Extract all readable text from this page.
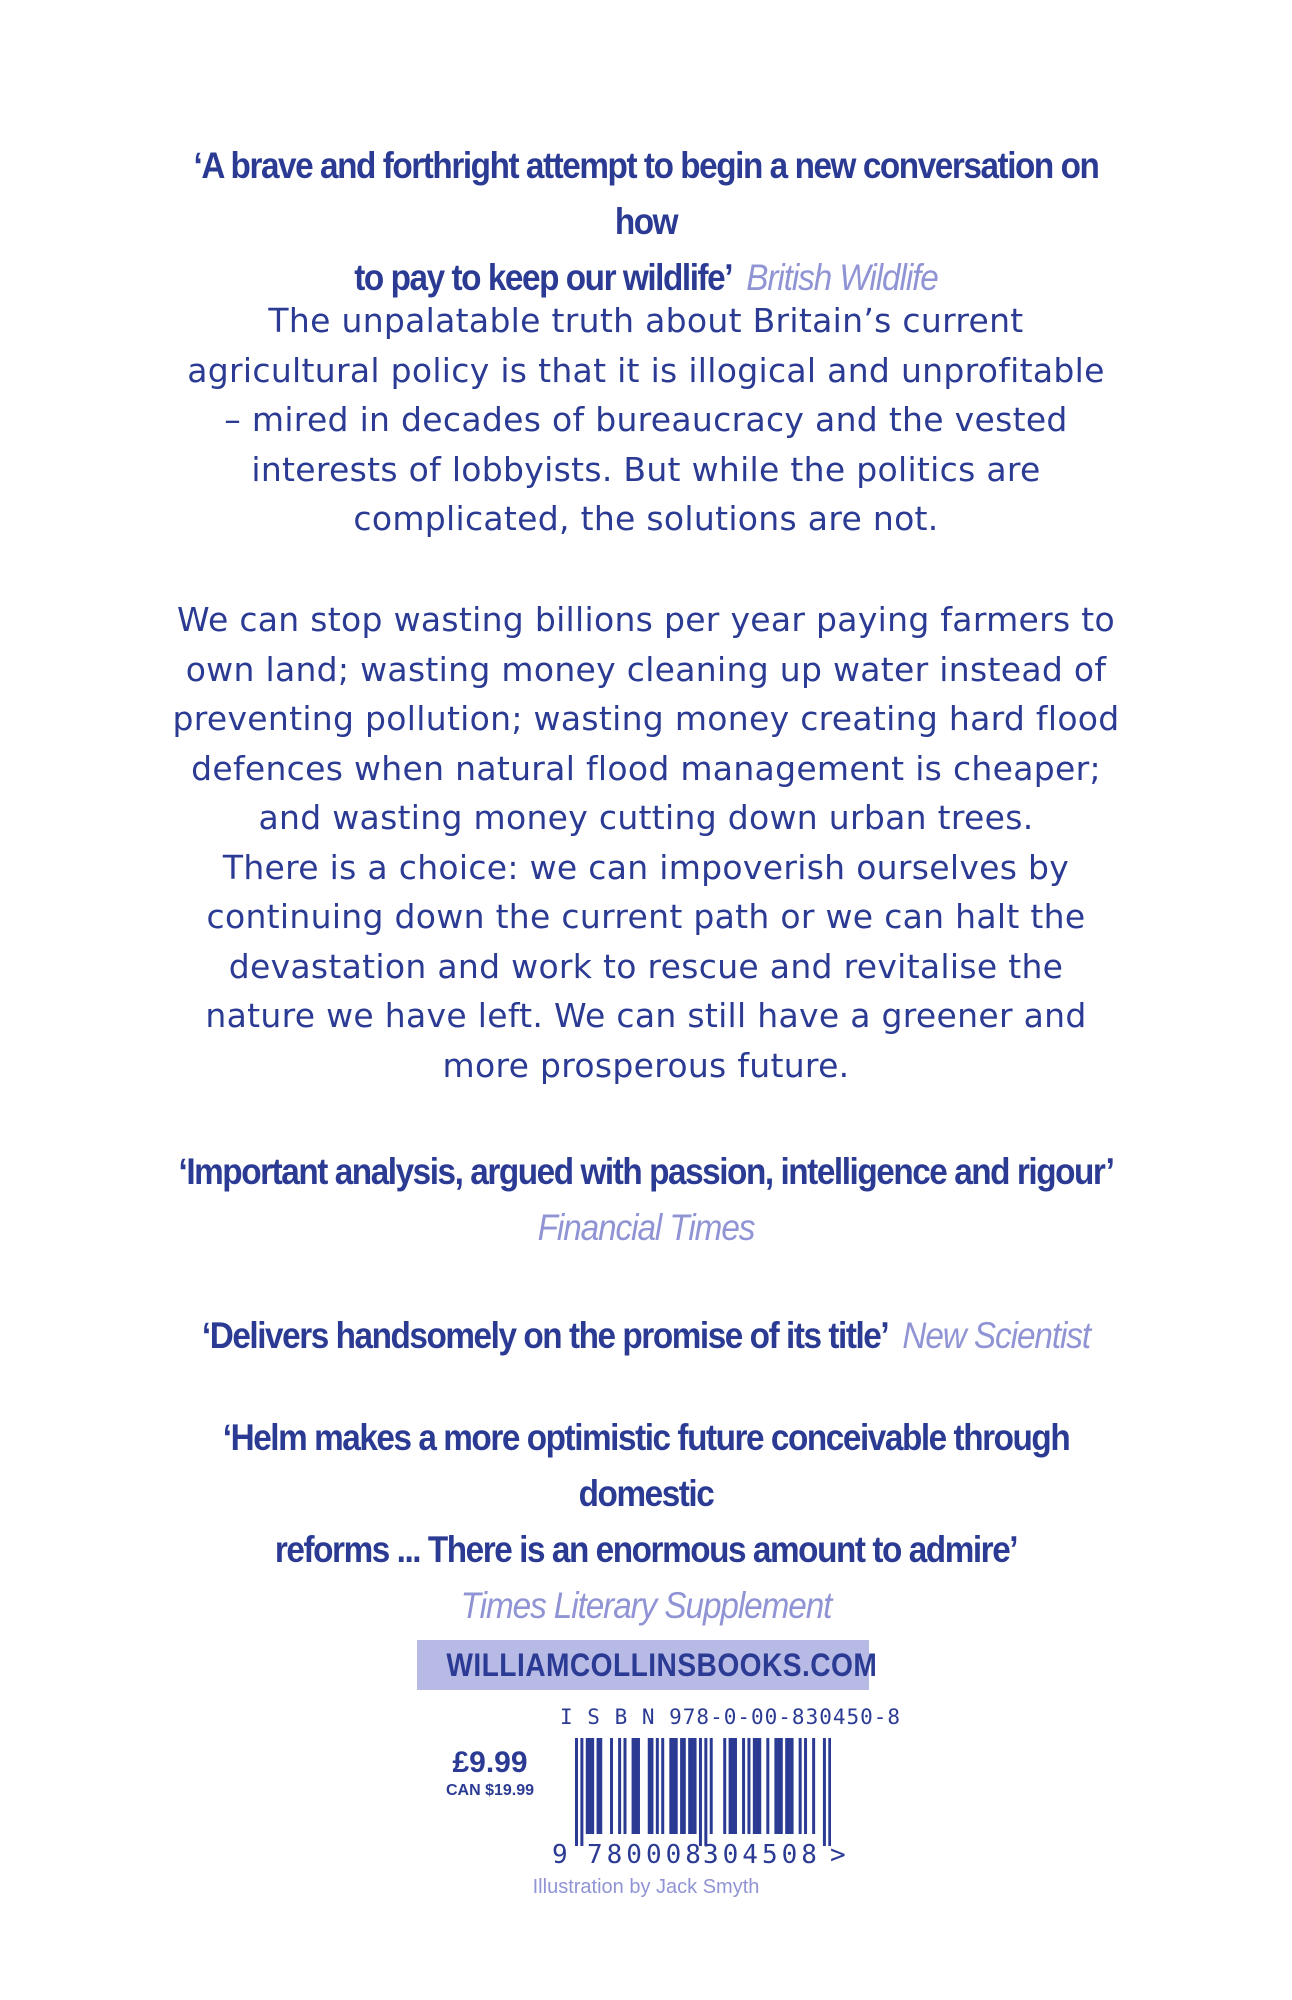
‘A brave and forthright attempt to begin a new conversation on how
to pay to keep our wildlife’ British Wildlife
The unpalatable truth about Britain’s current
agricultural policy is that it is illogical and unprofitable
– mired in decades of bureaucracy and the vested
interests of lobbyists. But while the politics are
complicated, the solutions are not.
We can stop wasting billions per year paying farmers to
own land; wasting money cleaning up water instead of
preventing pollution; wasting money creating hard flood
defences when natural flood management is cheaper;
and wasting money cutting down urban trees.
There is a choice: we can impoverish ourselves by
continuing down the current path or we can halt the
devastation and work to rescue and revitalise the
nature we have left. We can still have a greener and
more prosperous future.
‘Important analysis, argued with passion, intelligence and rigour’
Financial Times
‘Delivers handsomely on the promise of its title’ New Scientist
‘Helm makes a more optimistic future conceivable through domestic
reforms ... There is an enormous amount to admire’
Times Literary Supplement
WILLIAMCOLLINSBOOKS.COM
I S B N 978-0-00-830450-8
£9.99
CAN $19.99
9 780008
304508 >
Illustration by Jack Smyth
